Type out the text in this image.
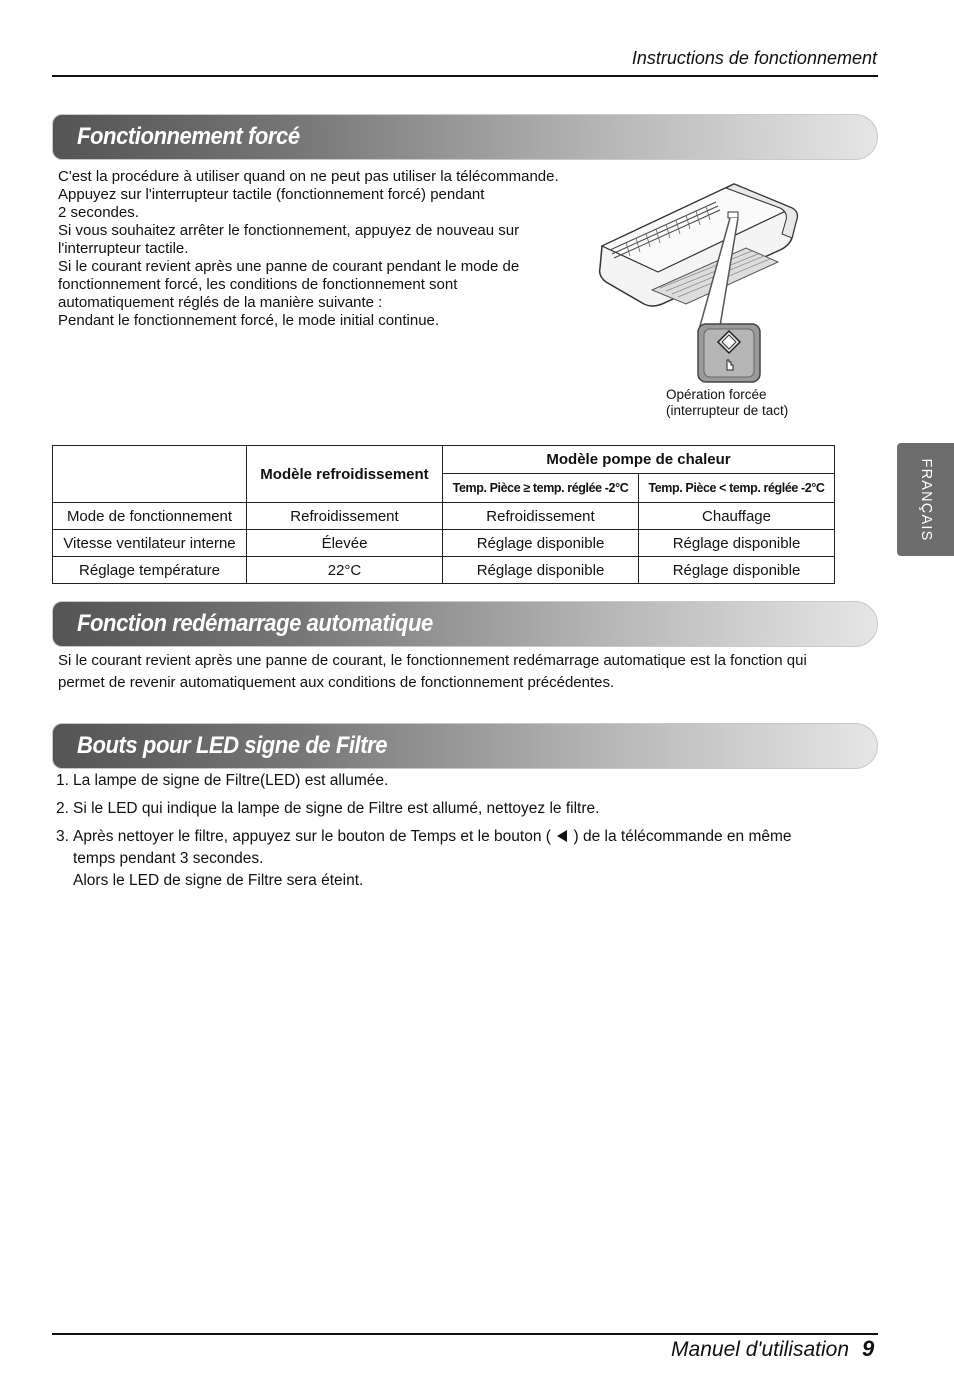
Instructions de fonctionnement
Fonctionnement forcé

C'est la procédure à utiliser quand on ne peut pas utiliser la télécommande.
Appuyez sur l'interrupteur tactile (fonctionnement forcé) pendant
2 secondes.

Si vous souhaitez arrêter le fonctionnement, appuyez de nouveau sur
l'interrupteur tactile.

Si le courant revient après une panne de courant pendant le mode de
fonctionnement forcé, les conditions de fonctionnement sont
automatiquement réglés de la manière suivante :

Pendant le fonctionnement forcé, le mode initial continue.

Opération forcée
(interrupteur de tact)
	Modèle refroidissement	Modèle pompe de chaleur	
		Temp. Pièce ≥ temp. réglée -2°C	Temp. Pièce < temp. réglée -2°C
Mode de fonctionnement	Refroidissement	Refroidissement	Chauffage
Vitesse ventilateur interne	Élevée	Réglage disponible	Réglage disponible
Réglage température	22°C	Réglage disponible	Réglage disponible
Fonction redémarrage automatique
Si le courant revient après une panne de courant, le fonctionnement redémarrage automatique est la fonction qui
permet de revenir automatiquement aux conditions de fonctionnement précédentes.
Bouts pour LED signe de Filtre
1. La lampe de signe de Filtre(LED) est allumée.
2. Si le LED qui indique la lampe de signe de Filtre est allumé, nettoyez le filtre.
3. Après nettoyer le filtre, appuyez sur le bouton de Temps et le bouton ( ) de la télécommande en même
temps pendant 3 secondes.
Alors le LED de signe de Filtre sera éteint.
FRANÇAIS
Manuel d'utilisation 9
